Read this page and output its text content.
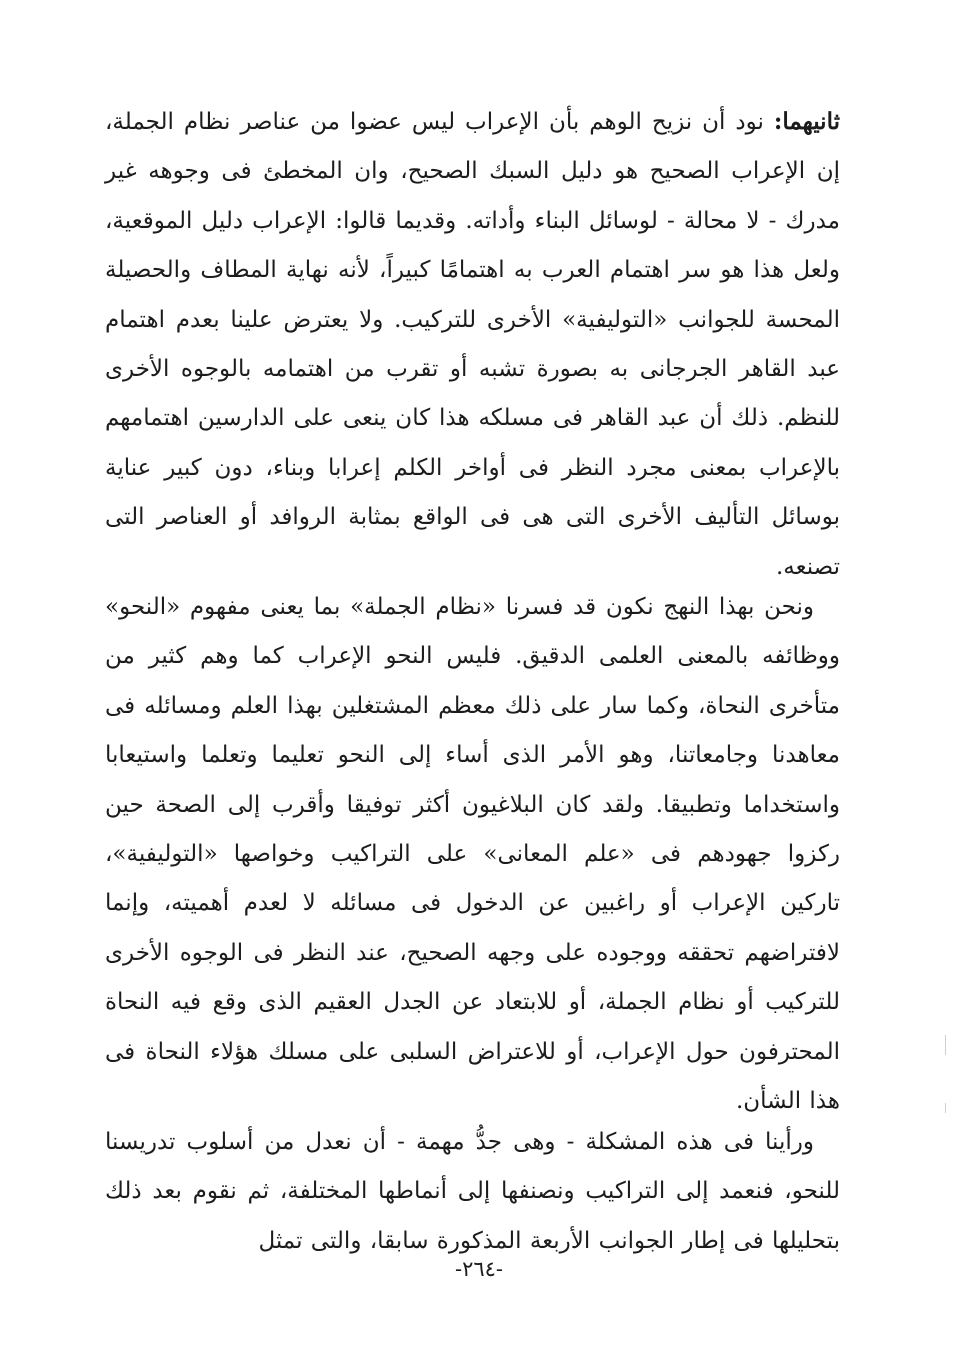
ثانيهما: نود أن نزيح الوهم بأن الإعراب ليس عضوا من عناصر نظام الجملة، إن الإعراب الصحيح هو دليل السبك الصحيح، وان المخطئ فى وجوهه غير مدرك - لا محالة - لوسائل البناء وأداته. وقديما قالوا: الإعراب دليل الموقعية، ولعل هذا هو سر اهتمام العرب به اهتمامًا كبيراً، لأنه نهاية المطاف والحصيلة المحسة للجوانب «التوليفية» الأخرى للتركيب. ولا يعترض علينا بعدم اهتمام عبد القاهر الجرجانى به بصورة تشبه أو تقرب من اهتمامه بالوجوه الأخرى للنظم. ذلك أن عبد القاهر فى مسلكه هذا كان ينعى على الدارسين اهتمامهم بالإعراب بمعنى مجرد النظر فى أواخر الكلم إعرابا وبناء، دون كبير عناية بوسائل التأليف الأخرى التى هى فى الواقع بمثابة الروافد أو العناصر التى تصنعه.

ونحن بهذا النهج نكون قد فسرنا «نظام الجملة» بما يعنى مفهوم «النحو» ووظائفه بالمعنى العلمى الدقيق. فليس النحو الإعراب كما وهم كثير من متأخرى النحاة، وكما سار على ذلك معظم المشتغلين بهذا العلم ومسائله فى معاهدنا وجامعاتنا، وهو الأمر الذى أساء إلى النحو تعليما وتعلما واستيعابا واستخداما وتطبيقا. ولقد كان البلاغيون أكثر توفيقا وأقرب إلى الصحة حين ركزوا جهودهم فى «علم المعانى» على التراكيب وخواصها «التوليفية»، تاركين الإعراب أو راغبين عن الدخول فى مسائله لا لعدم أهميته، وإنما لافتراضهم تحققه ووجوده على وجهه الصحيح، عند النظر فى الوجوه الأخرى للتركيب أو نظام الجملة، أو للابتعاد عن الجدل العقيم الذى وقع فيه النحاة المحترفون حول الإعراب، أو للاعتراض السلبى على مسلك هؤلاء النحاة فى هذا الشأن.

ورأينا فى هذه المشكلة - وهى جدُّ مهمة - أن نعدل من أسلوب تدريسنا للنحو، فنعمد إلى التراكيب ونصنفها إلى أنماطها المختلفة، ثم نقوم بعد ذلك بتحليلها فى إطار الجوانب الأربعة المذكورة سابقا، والتى تمثل

-٢٦٤-
